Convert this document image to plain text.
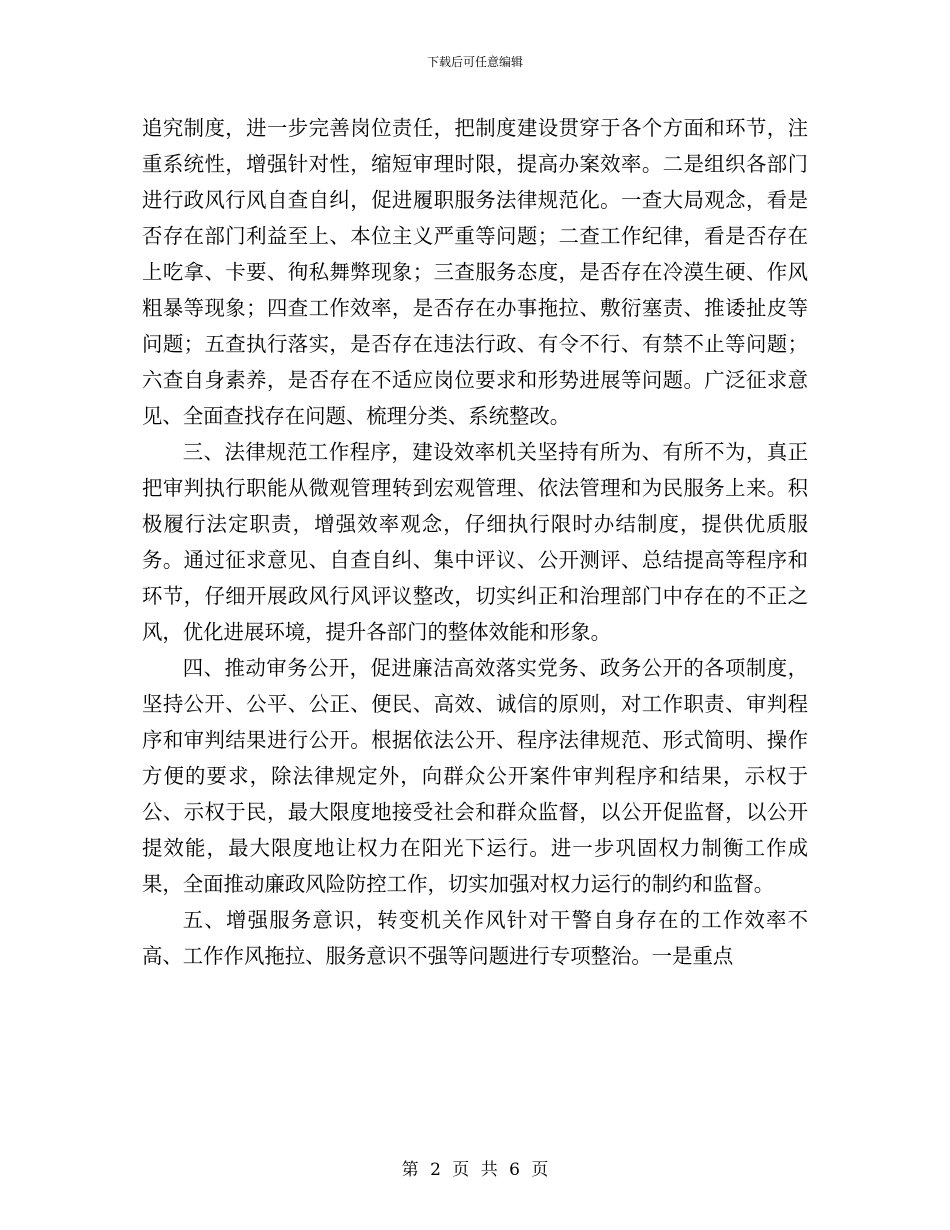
下载后可任意编辑

追究制度，进一步完善岗位责任，把制度建设贯穿于各个方面和环节，注重系统性，增强针对性，缩短审理时限，提高办案效率。二是组织各部门进行政风行风自查自纠，促进履职服务法律规范化。一查大局观念，看是否存在部门利益至上、本位主义严重等问题；二查工作纪律，看是否存在上吃拿、卡要、徇私舞弊现象；三查服务态度，是否存在冷漠生硬、作风粗暴等现象；四查工作效率，是否存在办事拖拉、敷衍塞责、推诿扯皮等问题；五查执行落实，是否存在违法行政、有令不行、有禁不止等问题；六查自身素养，是否存在不适应岗位要求和形势进展等问题。广泛征求意见、全面查找存在问题、梳理分类、系统整改。

三、法律规范工作程序，建设效率机关坚持有所为、有所不为，真正把审判执行职能从微观管理转到宏观管理、依法管理和为民服务上来。积极履行法定职责，增强效率观念，仔细执行限时办结制度，提供优质服务。通过征求意见、自查自纠、集中评议、公开测评、总结提高等程序和环节，仔细开展政风行风评议整改，切实纠正和治理部门中存在的不正之风，优化进展环境，提升各部门的整体效能和形象。

四、推动审务公开，促进廉洁高效落实党务、政务公开的各项制度，坚持公开、公平、公正、便民、高效、诚信的原则，对工作职责、审判程序和审判结果进行公开。根据依法公开、程序法律规范、形式简明、操作方便的要求，除法律规定外，向群众公开案件审判程序和结果，示权于公、示权于民，最大限度地接受社会和群众监督，以公开促监督，以公开提效能，最大限度地让权力在阳光下运行。进一步巩固权力制衡工作成果，全面推动廉政风险防控工作，切实加强对权力运行的制约和监督。

五、增强服务意识，转变机关作风针对干警自身存在的工作效率不高、工作作风拖拉、服务意识不强等问题进行专项整治。一是重点

第 2 页 共 6 页
